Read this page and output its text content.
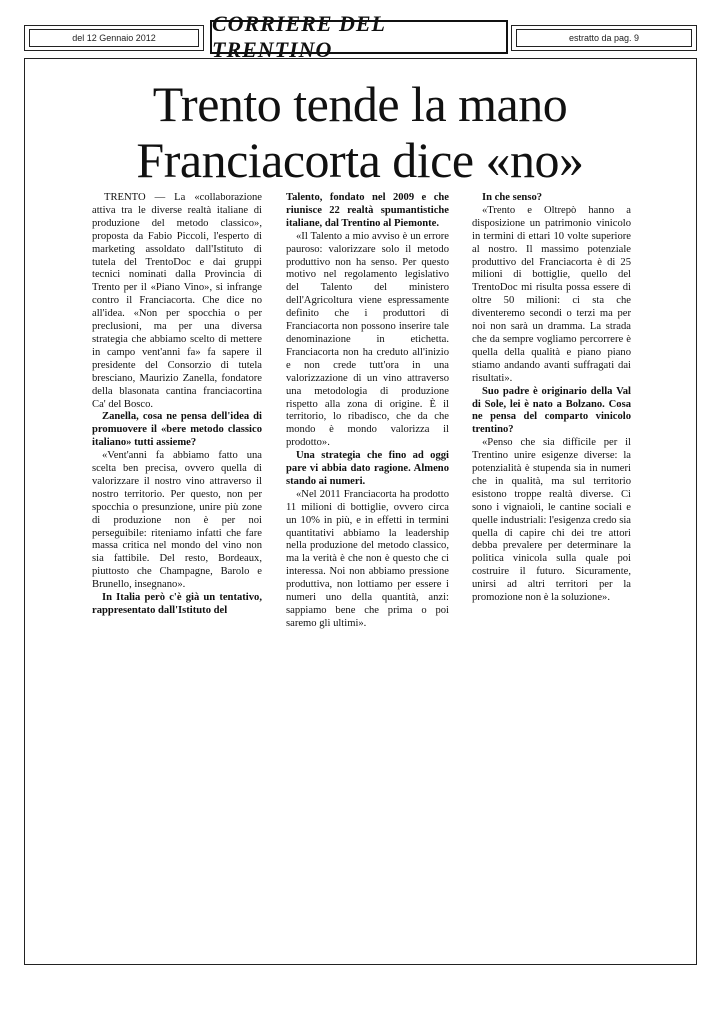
del 12 Gennaio 2012
CORRIERE DEL TRENTINO	estratto da pag. 9
Trento tende la mano
Franciacorta dice «no»

TRENTO — La «collaborazione attiva tra le diverse realtà italiane di produzione del metodo classico», proposta da Fabio Piccoli, l'esperto di marketing assoldato dall'Istituto di tutela del TrentoDoc e dai gruppi tecnici nominati dalla Provincia di Trento per il «Piano Vino», si infrange contro il Franciacorta. Che dice no all'idea. «Non per spocchia o per preclusioni, ma per una diversa strategia che abbiamo scelto di mettere in campo vent'anni fa» fa sapere il presidente del Consorzio di tutela bresciano, Maurizio Zanella, fondatore della blasonata cantina franciacortina Ca' del Bosco.

Zanella, cosa ne pensa dell'idea di promuovere il «bere metodo classico italiano» tutti assieme?

«Vent'anni fa abbiamo fatto una scelta ben precisa, ovvero quella di valorizzare il nostro vino attraverso il nostro territorio. Per questo, non per spocchia o presunzione, unire più zone di produzione non è per noi perseguibile: riteniamo infatti che fare massa critica nel mondo del vino non sia fattibile. Del resto, Bordeaux, piuttosto che Champagne, Barolo e Brunello, insegnano».

In Italia però c'è già un tentativo, rappresentato dall'Istituto del

Talento, fondato nel 2009 e che riunisce 22 realtà spumantistiche italiane, dal Trentino al Piemonte.

«Il Talento a mio avviso è un errore pauroso: valorizzare solo il metodo produttivo non ha senso. Per questo motivo nel regolamento legislativo del Talento del ministero dell'Agricoltura viene espressamente definito che i produttori di Franciacorta non possono inserire tale denominazione in etichetta. Franciacorta non ha creduto all'inizio e non crede tutt'ora in una valorizzazione di un vino attraverso una metodologia di produzione rispetto alla zona di origine. È il territorio, lo ribadisco, che da che mondo è mondo valorizza il prodotto».

Una strategia che fino ad oggi pare vi abbia dato ragione. Almeno stando ai numeri.

«Nel 2011 Franciacorta ha prodotto 11 milioni di bottiglie, ovvero circa un 10% in più, e in effetti in termini quantitativi abbiamo la leadership nella produzione del metodo classico, ma la verità è che non è questo che ci interessa. Noi non abbiamo pressione produttiva, non lottiamo per essere i numeri uno della quantità, anzi: sappiamo bene che prima o poi saremo gli ultimi».

In che senso?

«Trento e Oltrepò hanno a disposizione un patrimonio vinicolo in termini di ettari 10 volte superiore al nostro. Il massimo potenziale produttivo del Franciacorta è di 25 milioni di bottiglie, quello del TrentoDoc mi risulta possa essere di oltre 50 milioni: ci sta che diventeremo secondi o terzi ma per noi non sarà un dramma. La strada che da sempre vogliamo percorrere è quella della qualità e piano piano stiamo andando avanti suffragati dai risultati».

Suo padre è originario della Val di Sole, lei è nato a Bolzano. Cosa ne pensa del comparto vinicolo trentino?

«Penso che sia difficile per il Trentino unire esigenze diverse: la potenzialità è stupenda sia in numeri che in qualità, ma sul territorio esistono troppe realtà diverse. Ci sono i vignaioli, le cantine sociali e quelle industriali: l'esigenza credo sia quella di capire chi dei tre attori debba prevalere per determinare la politica vinicola sulla quale poi costruire il futuro. Sicuramente, unirsi ad altri territori per la promozione non è la soluzione».
